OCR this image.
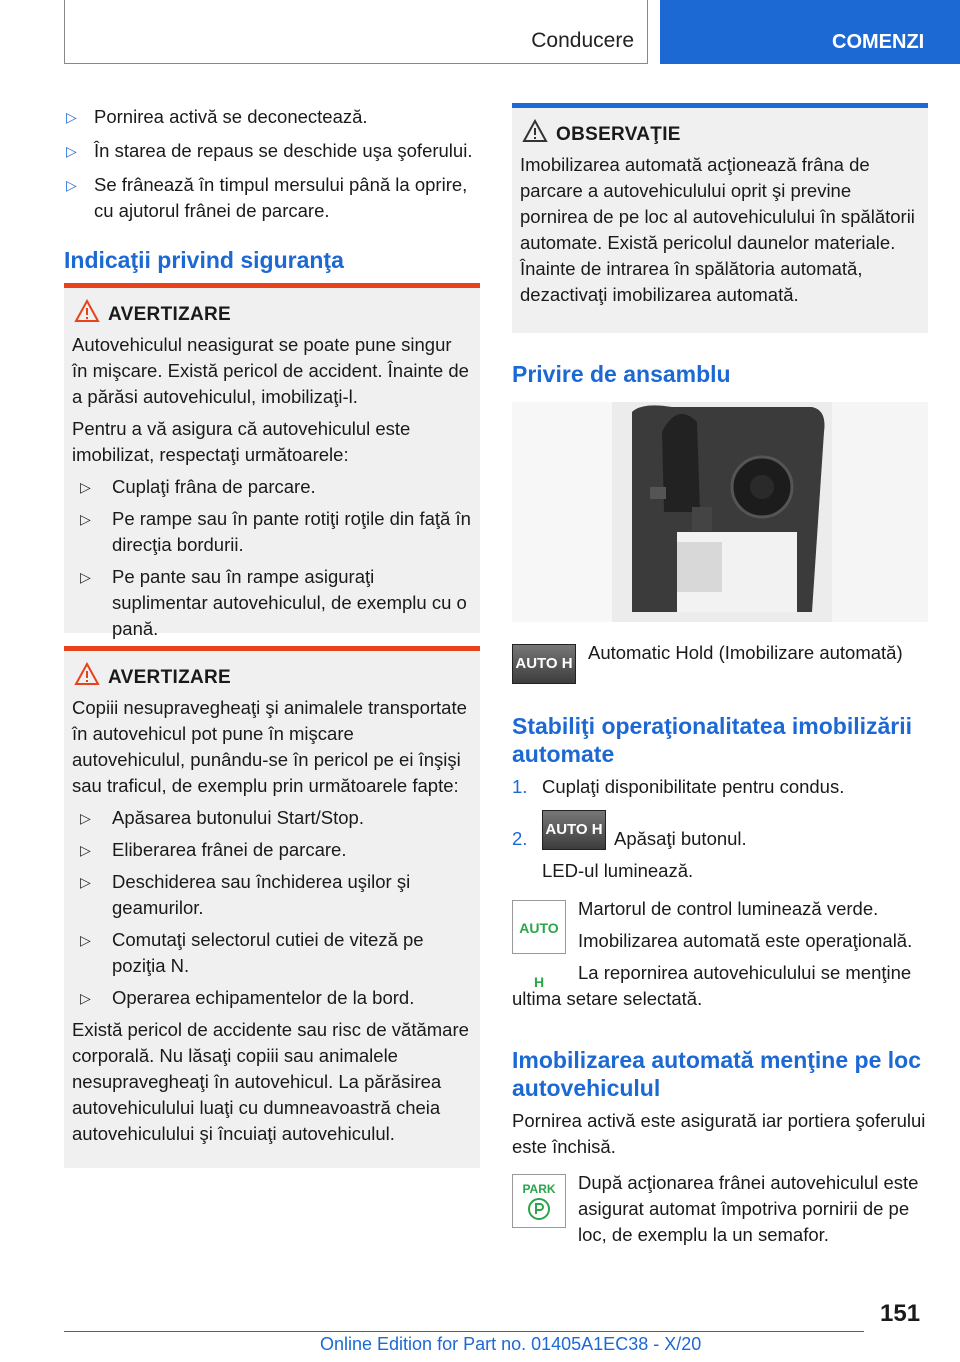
Conducere	COMENZI
▷ Pornirea activă se deconectează.
▷ În starea de repaus se deschide uşa şoferului.
▷ Se frânează în timpul mersului până la oprire, cu ajutorul frânei de parcare.
Indicaţii privind siguranţa
AVERTIZARE

Autovehiculul neasigurat se poate pune singur în mişcare. Există pericol de accident. Înainte de a părăsi autovehiculul, imobilizaţi-l.

Pentru a vă asigura că autovehiculul este imobilizat, respectaţi următoarele:

▷ Cuplaţi frâna de parcare.
▷ Pe rampe sau în pante rotiţi roţile din faţă în direcţia bordurii.
▷ Pe pante sau în rampe asiguraţi suplimentar autovehiculul, de exemplu cu o pană.
AVERTIZARE

Copiii nesupravegheaţi şi animalele transportate în autovehicul pot pune în mişcare autovehiculul, punându-se în pericol pe ei înşişi sau traficul, de exemplu prin următoarele fapte:

▷ Apăsarea butonului Start/Stop.
▷ Eliberarea frânei de parcare.
▷ Deschiderea sau închiderea uşilor şi geamurilor.
▷ Comutaţi selectorul cutiei de viteză pe poziţia N.
▷ Operarea echipamentelor de la bord.

Există pericol de accidente sau risc de vătămare corporală. Nu lăsaţi copiii sau animalele nesupravegheaţi în autovehicul. La părăsirea autovehiculului luaţi cu dumneavoastră cheia autovehiculului şi încuiaţi autovehiculul.

OBSERVAŢIE

Imobilizarea automată acţionează frâna de parcare a autovehiculului oprit şi previne pornirea de pe loc al autovehiculului în spălătorii automate. Există pericolul daunelor materiale. Înainte de intrarea în spălătoria automată, dezactivaţi imobilizarea automată.

Privire de ansamblu
AUTO H
Automatic Hold (Imobilizare automată)
Stabiliţi operaţionalitatea imobilizării automate
1. Cuplaţi disponibilitate pentru condus.
2. AUTO H Apăsaţi butonul.
LED-ul luminează.
AUTO H
Martorul de control luminează verde.
Imobilizarea automată este operaţională.
La repornirea autovehiculului se menţine ultima setare selectată.
Imobilizarea automată menţine pe loc autovehiculul
Pornirea activă este asigurată iar portiera şoferului este închisă.
PARK	După acţionarea frânei autovehiculul este asigurat automat împotriva pornirii de pe loc, de exemplu la un semafor.
151
Online Edition for Part no. 01405A1EC38 - X/20
